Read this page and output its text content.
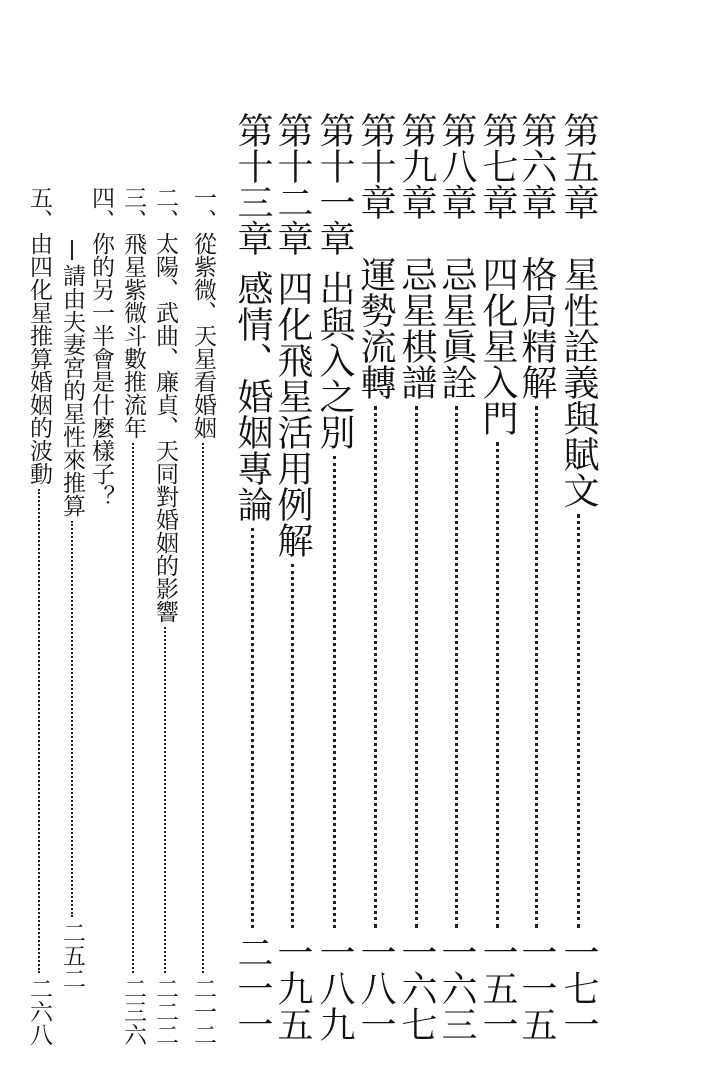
第五章
星性詮義與賦文
一七一
第六章
格局精解
一一五
第七章
四化星入門
一五一
第八章
忌星眞詮
一六三
第九章
忌星棋譜
一六七
第十章
運勢流轉
一八一
第十一章
出與入之別
一八九
第十二章
四化飛星活用例解
一九五
第十三章
感情、婚姻專論
二一一
一、從紫微、天星看婚姻
二一二
二、太陽、武曲、廉貞、天同對婚姻的影響
二二二
三、飛星紫微斗數推流年
二三六
四、你的另一半會是什麼樣子？
請由夫妻宮的星性來推算
二五二
五、由四化星推算婚姻的波動
二六八
